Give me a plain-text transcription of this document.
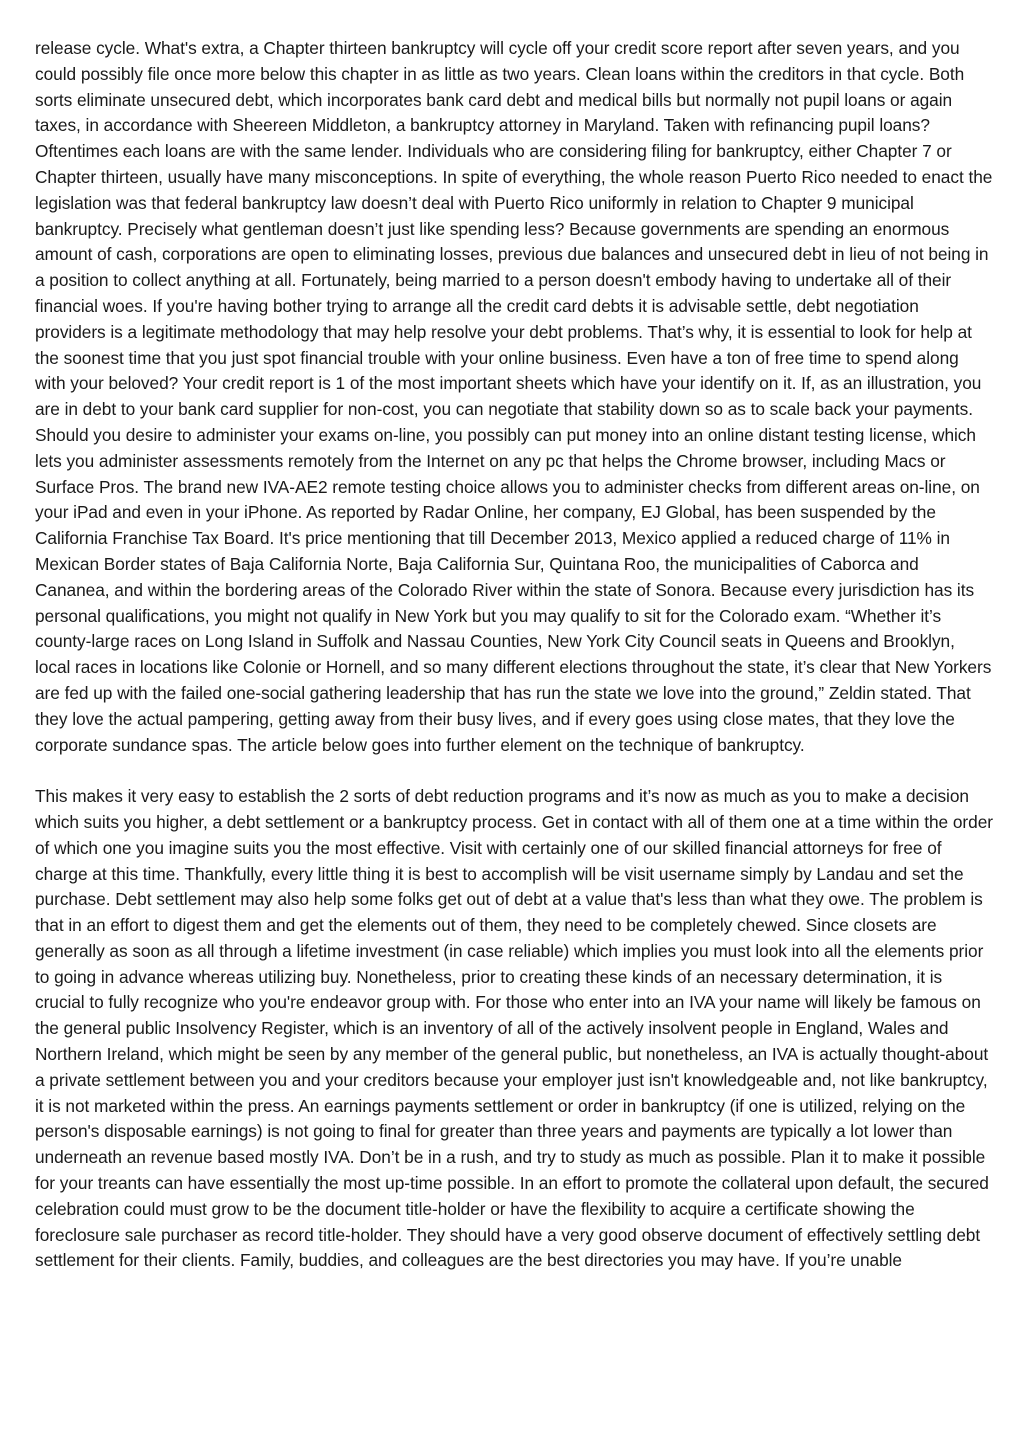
release cycle. What's extra, a Chapter thirteen bankruptcy will cycle off your credit score report after seven years, and you could possibly file once more below this chapter in as little as two years. Clean loans within the creditors in that cycle. Both sorts eliminate unsecured debt, which incorporates bank card debt and medical bills but normally not pupil loans or again taxes, in accordance with Sheereen Middleton, a bankruptcy attorney in Maryland. Taken with refinancing pupil loans? Oftentimes each loans are with the same lender. Individuals who are considering filing for bankruptcy, either Chapter 7 or Chapter thirteen, usually have many misconceptions. In spite of everything, the whole reason Puerto Rico needed to enact the legislation was that federal bankruptcy law doesn’t deal with Puerto Rico uniformly in relation to Chapter 9 municipal bankruptcy. Precisely what gentleman doesn’t just like spending less? Because governments are spending an enormous amount of cash, corporations are open to eliminating losses, previous due balances and unsecured debt in lieu of not being in a position to collect anything at all. Fortunately, being married to a person doesn't embody having to undertake all of their financial woes. If you're having bother trying to arrange all the credit card debts it is advisable settle, debt negotiation providers is a legitimate methodology that may help resolve your debt problems. That’s why, it is essential to look for help at the soonest time that you just spot financial trouble with your online business. Even have a ton of free time to spend along with your beloved? Your credit report is 1 of the most important sheets which have your identify on it. If, as an illustration, you are in debt to your bank card supplier for non-cost, you can negotiate that stability down so as to scale back your payments. Should you desire to administer your exams on-line, you possibly can put money into an online distant testing license, which lets you administer assessments remotely from the Internet on any pc that helps the Chrome browser, including Macs or Surface Pros. The brand new IVA-AE2 remote testing choice allows you to administer checks from different areas on-line, on your iPad and even in your iPhone. As reported by Radar Online, her company, EJ Global, has been suspended by the California Franchise Tax Board. It's price mentioning that till December 2013, Mexico applied a reduced charge of 11% in Mexican Border states of Baja California Norte, Baja California Sur, Quintana Roo, the municipalities of Caborca and Cananea, and within the bordering areas of the Colorado River within the state of Sonora. Because every jurisdiction has its personal qualifications, you might not qualify in New York but you may qualify to sit for the Colorado exam. “Whether it’s county-large races on Long Island in Suffolk and Nassau Counties, New York City Council seats in Queens and Brooklyn, local races in locations like Colonie or Hornell, and so many different elections throughout the state, it’s clear that New Yorkers are fed up with the failed one-social gathering leadership that has run the state we love into the ground,” Zeldin stated. That they love the actual pampering, getting away from their busy lives, and if every goes using close mates, that they love the corporate sundance spas. The article below goes into further element on the technique of bankruptcy.

This makes it very easy to establish the 2 sorts of debt reduction programs and it’s now as much as you to make a decision which suits you higher, a debt settlement or a bankruptcy process. Get in contact with all of them one at a time within the order of which one you imagine suits you the most effective. Visit with certainly one of our skilled financial attorneys for free of charge at this time. Thankfully, every little thing it is best to accomplish will be visit username simply by Landau and set the purchase. Debt settlement may also help some folks get out of debt at a value that's less than what they owe. The problem is that in an effort to digest them and get the elements out of them, they need to be completely chewed. Since closets are generally as soon as all through a lifetime investment (in case reliable) which implies you must look into all the elements prior to going in advance whereas utilizing buy. Nonetheless, prior to creating these kinds of an necessary determination, it is crucial to fully recognize who you're endeavor group with. For those who enter into an IVA your name will likely be famous on the general public Insolvency Register, which is an inventory of all of the actively insolvent people in England, Wales and Northern Ireland, which might be seen by any member of the general public, but nonetheless, an IVA is actually thought-about a private settlement between you and your creditors because your employer just isn't knowledgeable and, not like bankruptcy, it is not marketed within the press. An earnings payments settlement or order in bankruptcy (if one is utilized, relying on the person's disposable earnings) is not going to final for greater than three years and payments are typically a lot lower than underneath an revenue based mostly IVA. Don’t be in a rush, and try to study as much as possible. Plan it to make it possible for your treants can have essentially the most up-time possible. In an effort to promote the collateral upon default, the secured celebration could must grow to be the document title-holder or have the flexibility to acquire a certificate showing the foreclosure sale purchaser as record title-holder. They should have a very good observe document of effectively settling debt settlement for their clients. Family, buddies, and colleagues are the best directories you may have. If you’re unable
